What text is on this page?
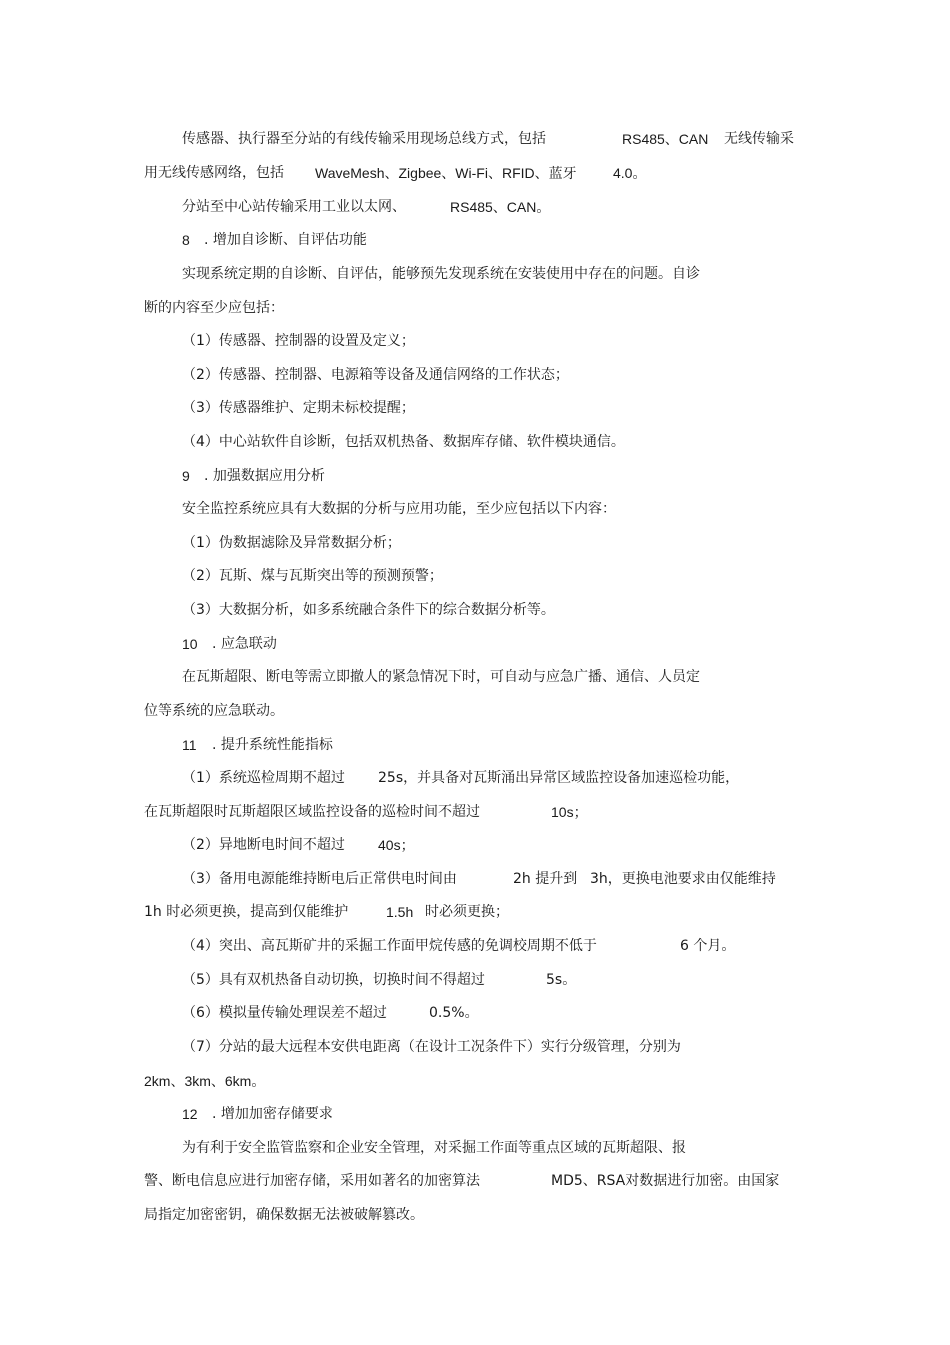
传感器、执行器至分站的有线传输采用现场总线方式，包括	RS485、CAN 无线传输采
用无线传感网络，包括 WaveMesh、Zigbee、Wi-Fi、RFID、蓝牙	4.0。
分站至中心站传输采用工业以太网、	RS485、CAN。
8 . 增加自诊断、自评估功能
实现系统定期的自诊断、自评估，能够预先发现系统在安装使用中存在的问题。自诊
断的内容至少应包括：
（1）传感器、控制器的设置及定义；
（2）传感器、控制器、电源箱等设备及通信网络的工作状态；
（3）传感器维护、定期未标校提醒；
（4）中心站软件自诊断，包括双机热备、数据库存储、软件模块通信。
9 . 加强数据应用分析
安全监控系统应具有大数据的分析与应用功能，至少应包括以下内容：
（1）伪数据滤除及异常数据分析；
（2）瓦斯、煤与瓦斯突出等的预测预警；
（3）大数据分析，如多系统融合条件下的综合数据分析等。
10 . 应急联动
在瓦斯超限、断电等需立即撤人的紧急情况下时，可自动与应急广播、通信、人员定
位等系统的应急联动。
11 . 提升系统性能指标
（1）系统巡检周期不超过 25s，并具备对瓦斯涌出异常区域监控设备加速巡检功能，
在瓦斯超限时瓦斯超限区域监控设备的巡检时间不超过	10s；
（2）异地断电时间不超过 40s；
（3）备用电源能维持断电后正常供电时间由	2h 提升到 3h，更换电池要求由仅能维持
1h 时必须更换，提高到仅能维护	1.5h 时必须更换；
（4）突出、高瓦斯矿井的采掘工作面甲烷传感的免调校周期不低于	6 个月。
（5）具有双机热备自动切换，切换时间不得超过	5s。
（6）模拟量传输处理误差不超过	0.5%。
（7）分站的最大远程本安供电距离（在设计工况条件下）实行分级管理，分别为
2km、3km、6km。
12 . 增加加密存储要求
为有利于安全监管监察和企业安全管理，对采掘工作面等重点区域的瓦斯超限、报
警、断电信息应进行加密存储，采用如著名的加密算法	MD5、RSA对数据进行加密。由国家
局指定加密密钥，确保数据无法被破解篡改。
